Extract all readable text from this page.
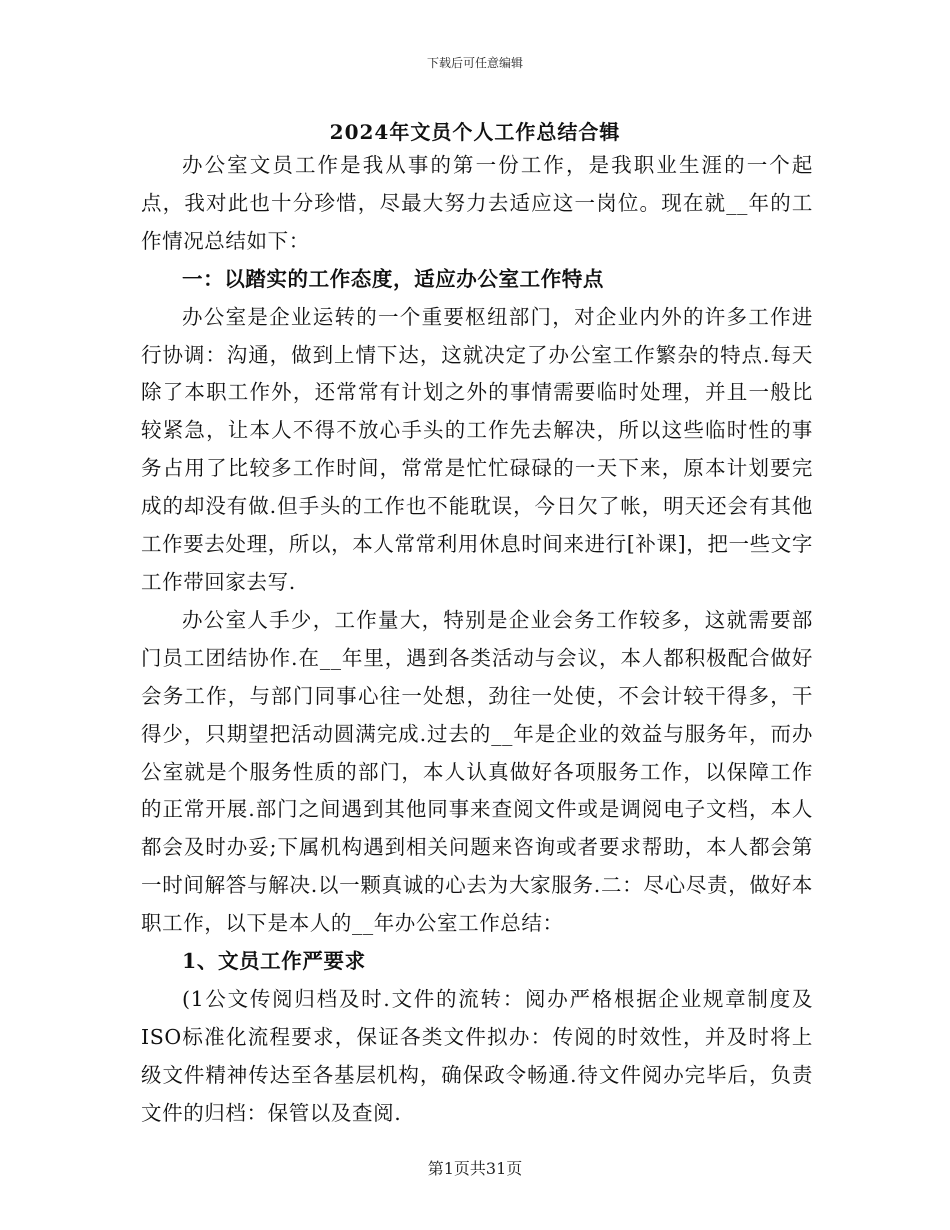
下载后可任意编辑
2024年文员个人工作总结合辑

办公室文员工作是我从事的第一份工作，是我职业生涯的一个起点，我对此也十分珍惜，尽最大努力去适应这一岗位。现在就__年的工作情况总结如下：

一：以踏实的工作态度，适应办公室工作特点

办公室是企业运转的一个重要枢纽部门，对企业内外的许多工作进行协调：沟通，做到上情下达，这就决定了办公室工作繁杂的特点.每天除了本职工作外，还常常有计划之外的事情需要临时处理，并且一般比较紧急，让本人不得不放心手头的工作先去解决，所以这些临时性的事务占用了比较多工作时间，常常是忙忙碌碌的一天下来，原本计划要完成的却没有做.但手头的工作也不能耽误，今日欠了帐，明天还会有其他工作要去处理，所以，本人常常利用休息时间来进行[补课]，把一些文字工作带回家去写.

办公室人手少，工作量大，特别是企业会务工作较多，这就需要部门员工团结协作.在__年里，遇到各类活动与会议，本人都积极配合做好会务工作，与部门同事心往一处想，劲往一处使，不会计较干得多，干得少，只期望把活动圆满完成.过去的__年是企业的效益与服务年，而办公室就是个服务性质的部门，本人认真做好各项服务工作，以保障工作的正常开展.部门之间遇到其他同事来查阅文件或是调阅电子文档，本人都会及时办妥;下属机构遇到相关问题来咨询或者要求帮助，本人都会第一时间解答与解决.以一颗真诚的心去为大家服务.二：尽心尽责，做好本职工作，以下是本人的__年办公室工作总结：

1、文员工作严要求

(1公文传阅归档及时.文件的流转：阅办严格根据企业规章制度及ISO标准化流程要求，保证各类文件拟办：传阅的时效性，并及时将上级文件精神传达至各基层机构，确保政令畅通.待文件阅办完毕后，负责文件的归档：保管以及查阅.

第1页共31页
